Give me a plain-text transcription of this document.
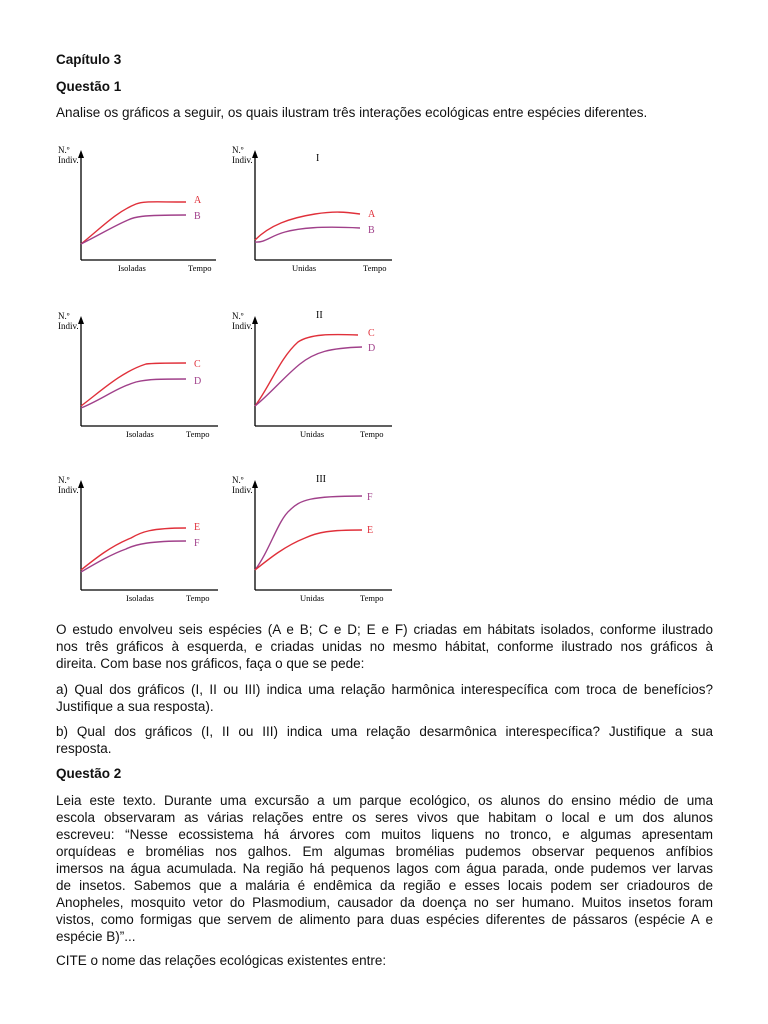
Capítulo 3
Questão 1
Analise os gráficos a seguir, os quais ilustram três interações ecológicas entre espécies diferentes.
N.º
Indiv.
A
B
Isoladas	Tempo
N.º
Indiv.	I
A
B
Unidas	Tempo
N.º
Indiv.
C
D
Isoladas	Tempo
N.º
Indiv.
II
C
D
Unidas	Tempo
N.º
Indiv.
E
F
Isoladas	Tempo
N.º
Indiv.
III
F
E
Unidas	Tempo
O estudo envolveu seis espécies (A e B; C e D; E e F) criadas em hábitats isolados, conforme ilustrado
nos três gráficos à esquerda, e criadas unidas no mesmo hábitat, conforme ilustrado nos gráficos à
direita. Com base nos gráficos, faça o que se pede:
a) Qual dos gráficos (I, II ou III) indica uma relação harmônica interespecífica com troca de benefícios?
Justifique a sua resposta).
b) Qual dos gráficos (I, II ou III) indica uma relação desarmônica interespecífica? Justifique a sua
resposta.
Questão 2
Leia este texto. Durante uma excursão a um parque ecológico, os alunos do ensino médio de uma
escola observaram as várias relações entre os seres vivos que habitam o local e um dos alunos
escreveu: “Nesse ecossistema há árvores com muitos liquens no tronco, e algumas apresentam
orquídeas e bromélias nos galhos. Em algumas bromélias pudemos observar pequenos anfíbios
imersos na água acumulada. Na região há pequenos lagos com água parada, onde pudemos ver larvas
de insetos. Sabemos que a malária é endêmica da região e esses locais podem ser criadouros de
Anopheles, mosquito vetor do Plasmodium, causador da doença no ser humano. Muitos insetos foram
vistos, como formigas que servem de alimento para duas espécies diferentes de pássaros (espécie A e
espécie B)”...
CITE o nome das relações ecológicas existentes entre:
